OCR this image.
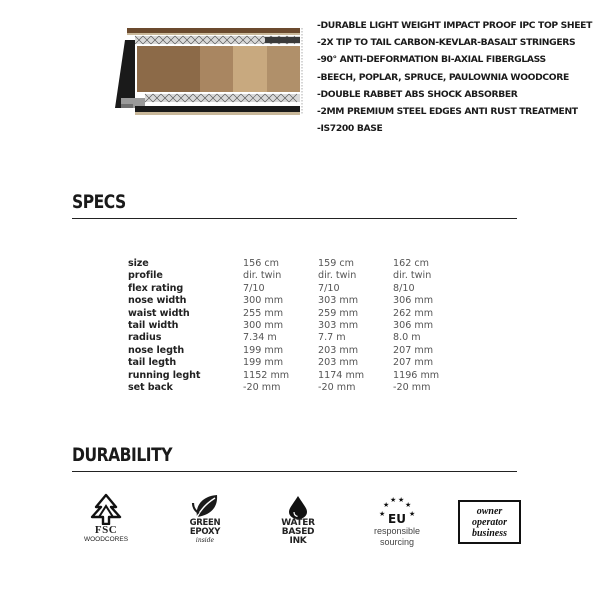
-DURABLE LIGHT WEIGHT IMPACT PROOF IPC TOP SHEET
-2X TIP TO TAIL CARBON-KEVLAR-BASALT STRINGERS
-90° ANTI-DEFORMATION BI-AXIAL FIBERGLASS
-BEECH, POPLAR, SPRUCE, PAULOWNIA WOODCORE
-DOUBLE RABBET ABS SHOCK ABSORBER
-2MM PREMIUM STEEL EDGES ANTI RUST TREATMENT
-IS7200 BASE
SPECS
size	156 cm	159 cm	162 cm
profile	dir. twin	dir. twin	dir. twin
flex rating	7/10	7/10	8/10
nose width	300 mm	303 mm	306 mm
waist width	255 mm	259 mm	262 mm
tail width	300 mm	303 mm	306 mm
radius	7.34 m	7.7 m	8.0 m
nose legth	199 mm	203 mm	207 mm
tail legth	199 mm	203 mm	207 mm
running leght	1152 mm	1174 mm	1196 mm
set back	-20 mm	-20 mm	-20 mm
DURABILITY
FSC
WOODCORES
GREEN
EPOXY
inside
WATER
BASED
INK
★
★
★ ★
★
★
EU
responsible
sourcing
owner
operator
business
